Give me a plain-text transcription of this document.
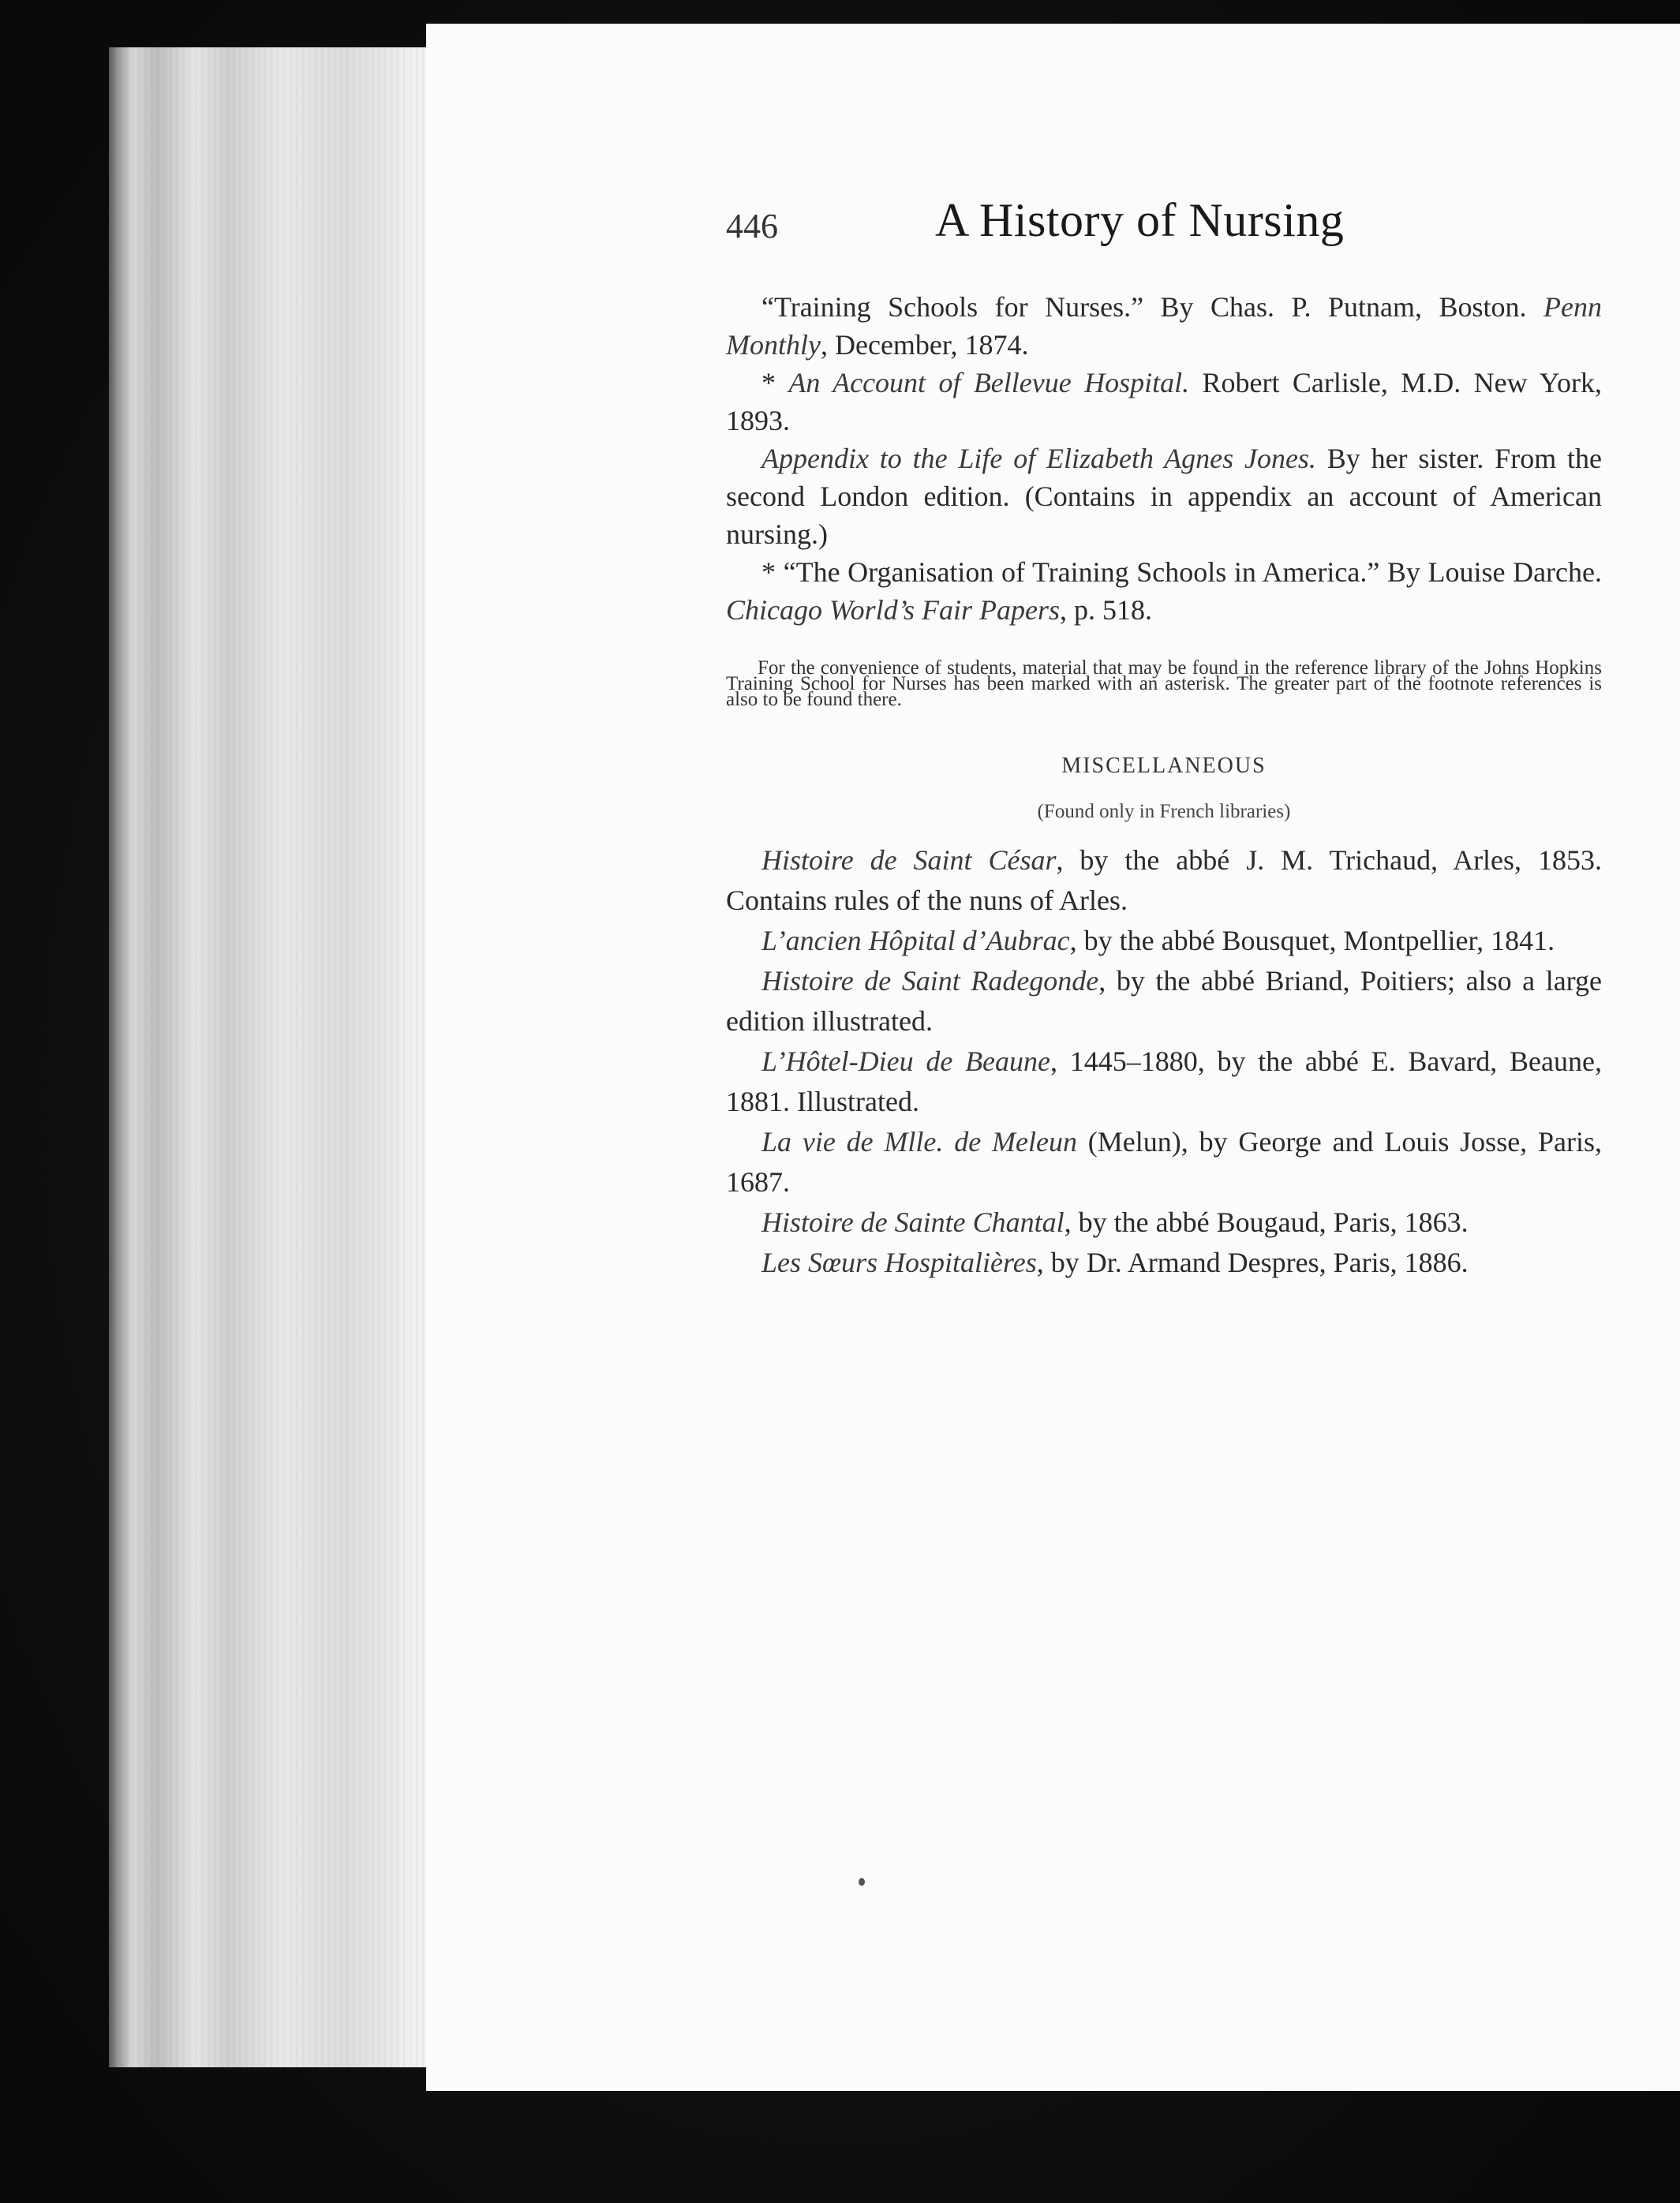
446	A History of Nursing

“Training Schools for Nurses.” By Chas. P. Putnam, Boston. Penn Monthly, December, 1874.

* An Account of Bellevue Hospital. Robert Carlisle, M.D. New York, 1893.

Appendix to the Life of Elizabeth Agnes Jones. By her sister. From the second London edition. (Contains in appendix an account of American nursing.)

* “The Organisation of Training Schools in America.” By Louise Darche. Chicago World’s Fair Papers, p. 518.

For the convenience of students, material that may be found in the reference library of the Johns Hopkins Training School for Nurses has been marked with an asterisk. The greater part of the footnote references is also to be found there.

MISCELLANEOUS

(Found only in French libraries)

Histoire de Saint César, by the abbé J. M. Trichaud, Arles, 1853. Contains rules of the nuns of Arles.

L’ancien Hôpital d’Aubrac, by the abbé Bousquet, Montpellier, 1841.

Histoire de Saint Radegonde, by the abbé Briand, Poitiers; also a large edition illustrated.

L’Hôtel-Dieu de Beaune, 1445–1880, by the abbé E. Bavard, Beaune, 1881. Illustrated.

La vie de Mlle. de Meleun (Melun), by George and Louis Josse, Paris, 1687.

Histoire de Sainte Chantal, by the abbé Bougaud, Paris, 1863.

Les Sœurs Hospitalières, by Dr. Armand Despres, Paris, 1886.
